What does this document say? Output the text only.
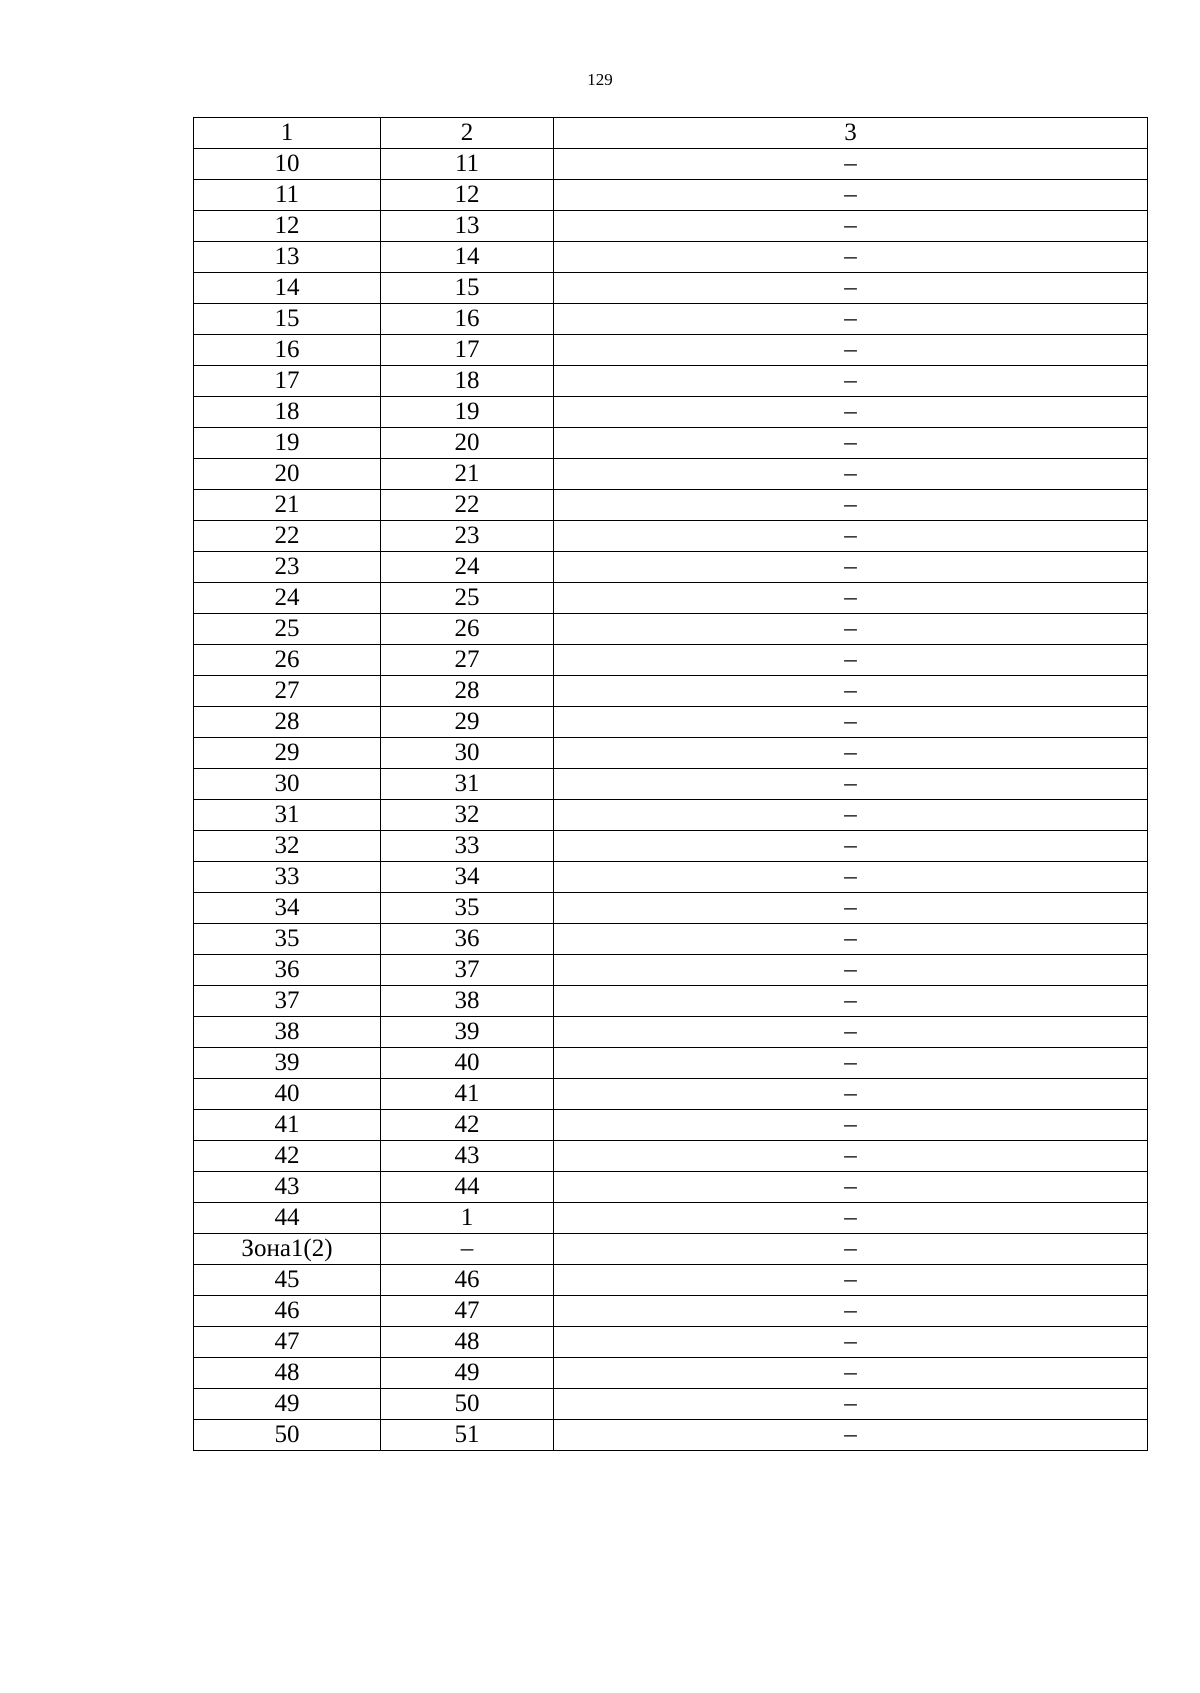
129
1	2	3
10	11	–
11	12	–
12	13	–
13	14	–
14	15	–
15	16	–
16	17	–
17	18	–
18	19	–
19	20	–
20	21	–
21	22	–
22	23	–
23	24	–
24	25	–
25	26	–
26	27	–
27	28	–
28	29	–
29	30	–
30	31	–
31	32	–
32	33	–
33	34	–
34	35	–
35	36	–
36	37	–
37	38	–
38	39	–
39	40	–
40	41	–
41	42	–
42	43	–
43	44	–
44	1	–
Зона1(2)	–	–
45	46	–
46	47	–
47	48	–
48	49	–
49	50	–
50	51	–
